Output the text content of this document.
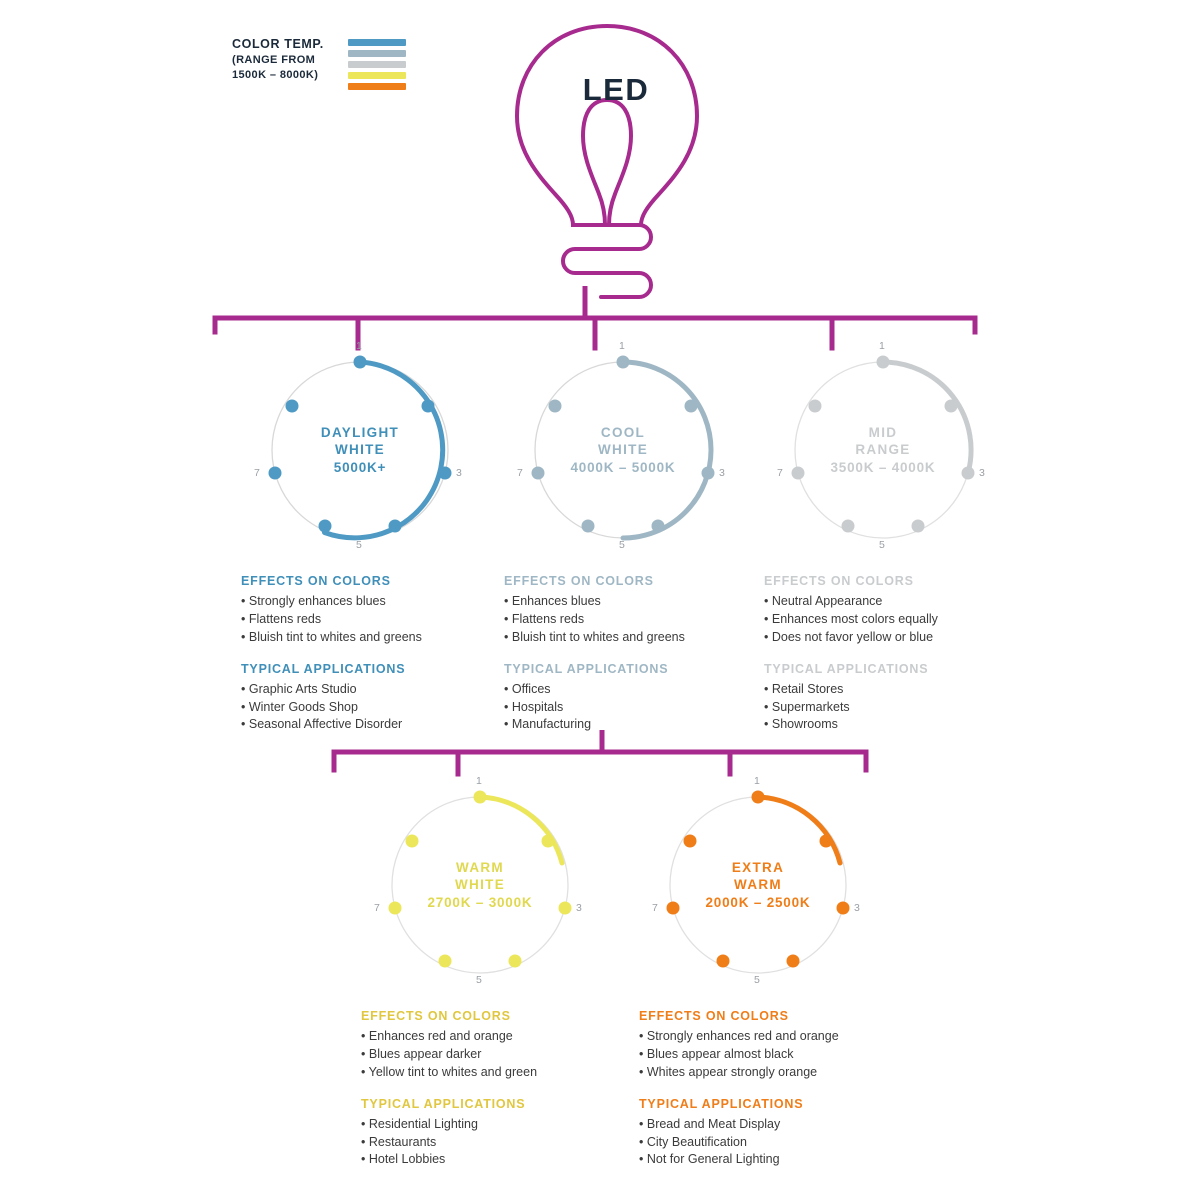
COLOR TEMP.
(RANGE FROM
1500K – 8000K)	LED
1
3
5
7
DAYLIGHT
WHITE
5000K+
EFFECTS ON COLORS
• Strongly enhances blues
• Flattens reds
• Bluish tint to whites and greens
TYPICAL APPLICATIONS
• Graphic Arts Studio
• Winter Goods Shop
• Seasonal Affective Disorder
1
3
5
7
COOL
WHITE
4000K – 5000K
EFFECTS ON COLORS
• Enhances blues
• Flattens reds
• Bluish tint to whites and greens
TYPICAL APPLICATIONS
• Offices
• Hospitals
• Manufacturing
1
3
5
7
MID
RANGE
3500K – 4000K
EFFECTS ON COLORS
• Neutral Appearance
• Enhances most colors equally
• Does not favor yellow or blue
TYPICAL APPLICATIONS
• Retail Stores
• Supermarkets
• Showrooms
1
3
5
7
WARM
WHITE
2700K – 3000K
EFFECTS ON COLORS
• Enhances red and orange
• Blues appear darker
• Yellow tint to whites and green
TYPICAL APPLICATIONS
• Residential Lighting
• Restaurants
• Hotel Lobbies
1
3
5
7
EXTRA
WARM
2000K – 2500K
EFFECTS ON COLORS
• Strongly enhances red and orange
• Blues appear almost black
• Whites appear strongly orange
TYPICAL APPLICATIONS
• Bread and Meat Display
• City Beautification
• Not for General Lighting
